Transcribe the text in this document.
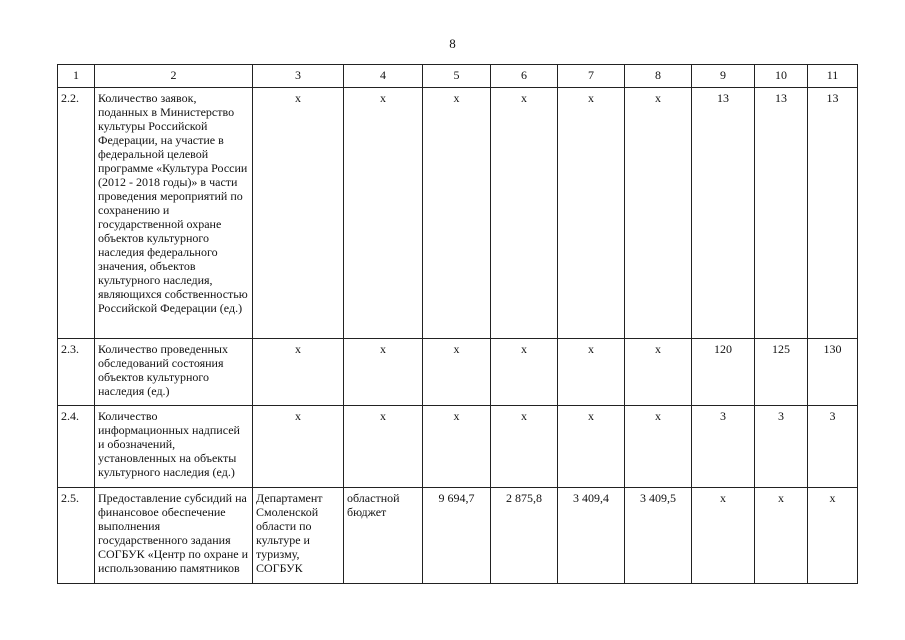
8
1	2	3	4	5	6	7	8	9	10	11
2.2.	Количество заявок, поданных в Министерство культуры Российской Федерации, на участие в федеральной целевой программе «Культура России (2012 - 2018 годы)» в части проведения мероприятий по сохранению и государственной охране объектов культурного наследия федерального значения, объектов культурного наследия, являющихся собственностью Российской Федерации (ед.)	х	х	х	х	х	х	13	13	13
2.3.	Количество проведенных обследований состояния объектов культурного наследия (ед.)	х	х	х	х	х	х	120	125	130
2.4.	Количество информационных надписей и обозначений, установленных на объекты культурного наследия (ед.)	х	х	х	х	х	х	3	3	3
2.5.	Предоставление субсидий на финансовое обеспечение выполнения государственного задания СОГБУК «Центр по охране и использованию памятников	Департамент Смоленской области по культуре и туризму, СОГБУК	областной бюджет	9 694,7	2 875,8	3 409,4	3 409,5	х	х	х
